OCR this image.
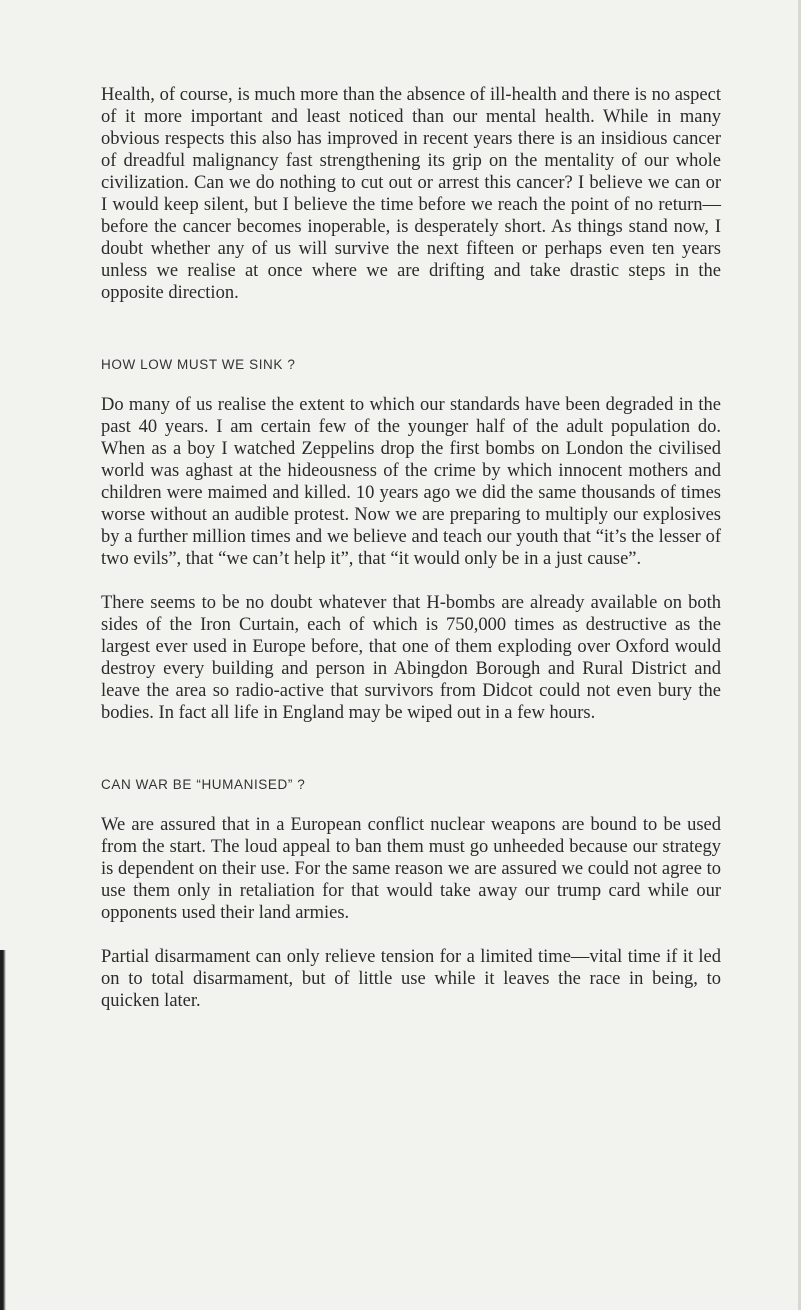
Health, of course, is much more than the absence of ill-health and there is no aspect of it more important and least noticed than our mental health. While in many obvious respects this also has improved in recent years there is an insidious cancer of dreadful malignancy fast strengthening its grip on the mentality of our whole civilization. Can we do nothing to cut out or arrest this cancer? I believe we can or I would keep silent, but I believe the time before we reach the point of no return—before the cancer becomes inoperable, is desperately short. As things stand now, I doubt whether any of us will survive the next fifteen or perhaps even ten years unless we realise at once where we are drifting and take drastic steps in the opposite direction.

HOW LOW MUST WE SINK ?

Do many of us realise the extent to which our standards have been degraded in the past 40 years. I am certain few of the younger half of the adult population do. When as a boy I watched Zeppelins drop the first bombs on London the civilised world was aghast at the hideousness of the crime by which innocent mothers and children were maimed and killed. 10 years ago we did the same thousands of times worse without an audible protest. Now we are preparing to multiply our explosives by a further million times and we believe and teach our youth that “it’s the lesser of two evils”, that “we can’t help it”, that “it would only be in a just cause”.

There seems to be no doubt whatever that H-bombs are already available on both sides of the Iron Curtain, each of which is 750,000 times as destructive as the largest ever used in Europe before, that one of them exploding over Oxford would destroy every building and person in Abingdon Borough and Rural District and leave the area so radio-active that survivors from Didcot could not even bury the bodies. In fact all life in England may be wiped out in a few hours.

CAN WAR BE “HUMANISED” ?

We are assured that in a European conflict nuclear weapons are bound to be used from the start. The loud appeal to ban them must go unheeded because our strategy is dependent on their use. For the same reason we are assured we could not agree to use them only in retaliation for that would take away our trump card while our opponents used their land armies.

Partial disarmament can only relieve tension for a limited time—vital time if it led on to total disarmament, but of little use while it leaves the race in being, to quicken later.
